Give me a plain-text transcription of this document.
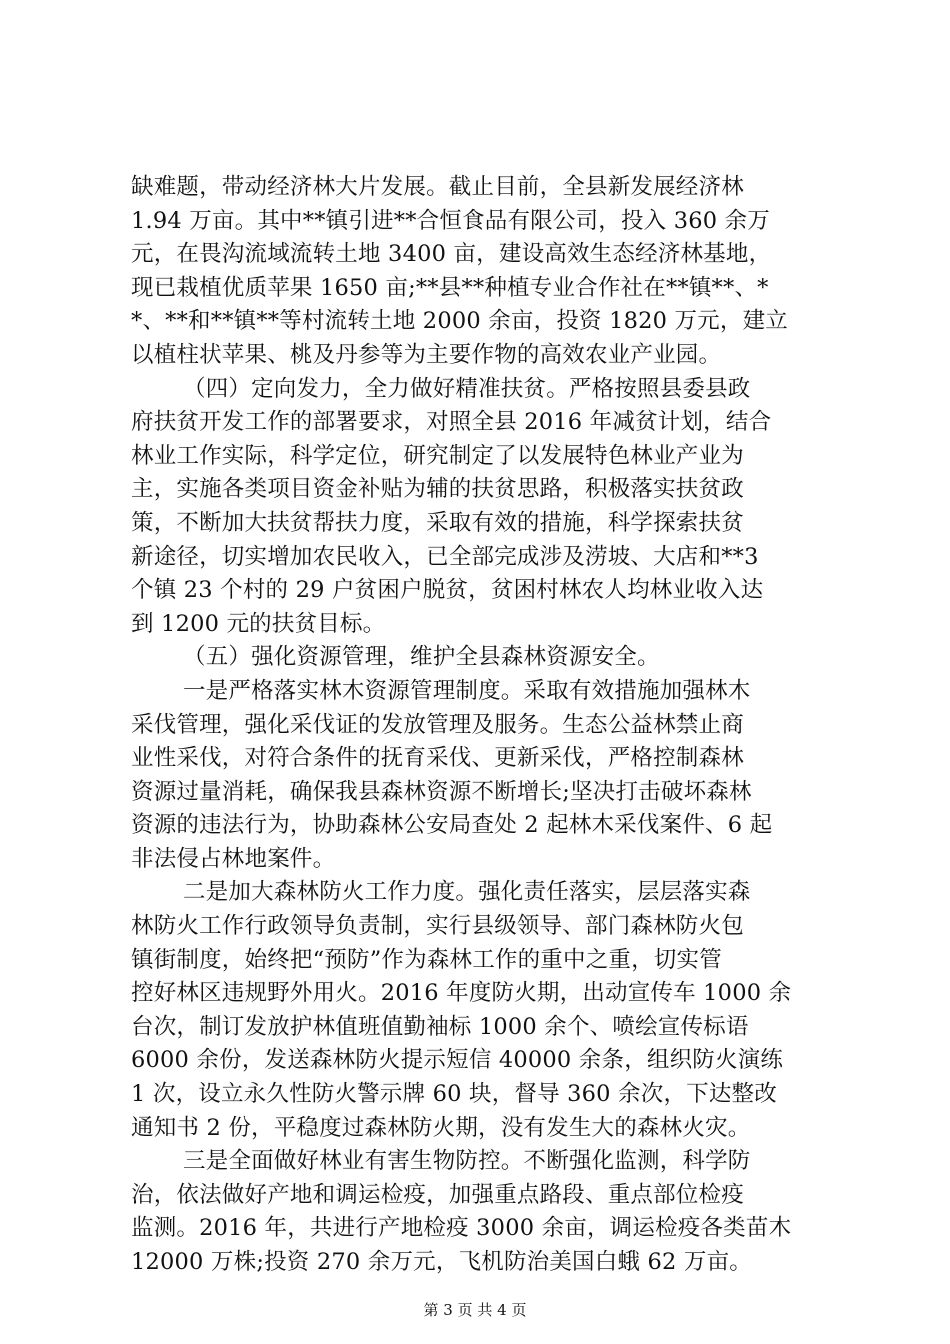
缺难题，带动经济林大片发展。截止目前，全县新发展经济林
1.94 万亩。其中**镇引进**合恒食品有限公司，投入 360 余万
元，在畏沟流域流转土地 3400 亩，建设高效生态经济林基地，
现已栽植优质苹果 1650 亩;**县**种植专业合作社在**镇**、*
*、**和**镇**等村流转土地 2000 余亩，投资 1820 万元，建立
以植柱状苹果、桃及丹参等为主要作物的高效农业产业园。
（四）定向发力，全力做好精准扶贫。严格按照县委县政
府扶贫开发工作的部署要求，对照全县 2016 年减贫计划，结合
林业工作实际，科学定位，研究制定了以发展特色林业产业为
主，实施各类项目资金补贴为辅的扶贫思路，积极落实扶贫政
策，不断加大扶贫帮扶力度，采取有效的措施，科学探索扶贫
新途径，切实增加农民收入，已全部完成涉及涝坡、大店和**3
个镇 23 个村的 29 户贫困户脱贫，贫困村林农人均林业收入达
到 1200 元的扶贫目标。
（五）强化资源管理，维护全县森林资源安全。
一是严格落实林木资源管理制度。采取有效措施加强林木
采伐管理，强化采伐证的发放管理及服务。生态公益林禁止商
业性采伐，对符合条件的抚育采伐、更新采伐，严格控制森林
资源过量消耗，确保我县森林资源不断增长;坚决打击破坏森林
资源的违法行为，协助森林公安局查处 2 起林木采伐案件、6 起
非法侵占林地案件。
二是加大森林防火工作力度。强化责任落实，层层落实森
林防火工作行政领导负责制，实行县级领导、部门森林防火包
镇街制度，始终把“预防”作为森林工作的重中之重，切实管
控好林区违规野外用火。2016 年度防火期，出动宣传车 1000 余
台次，制订发放护林值班值勤袖标 1000 余个、喷绘宣传标语
6000 余份，发送森林防火提示短信 40000 余条，组织防火演练
1 次，设立永久性防火警示牌 60 块，督导 360 余次，下达整改
通知书 2 份，平稳度过森林防火期，没有发生大的森林火灾。
三是全面做好林业有害生物防控。不断强化监测，科学防
治，依法做好产地和调运检疫，加强重点路段、重点部位检疫
监测。2016 年，共进行产地检疫 3000 余亩，调运检疫各类苗木
12000 万株;投资 270 余万元，飞机防治美国白蛾 62 万亩。
第 3 页 共 4 页
